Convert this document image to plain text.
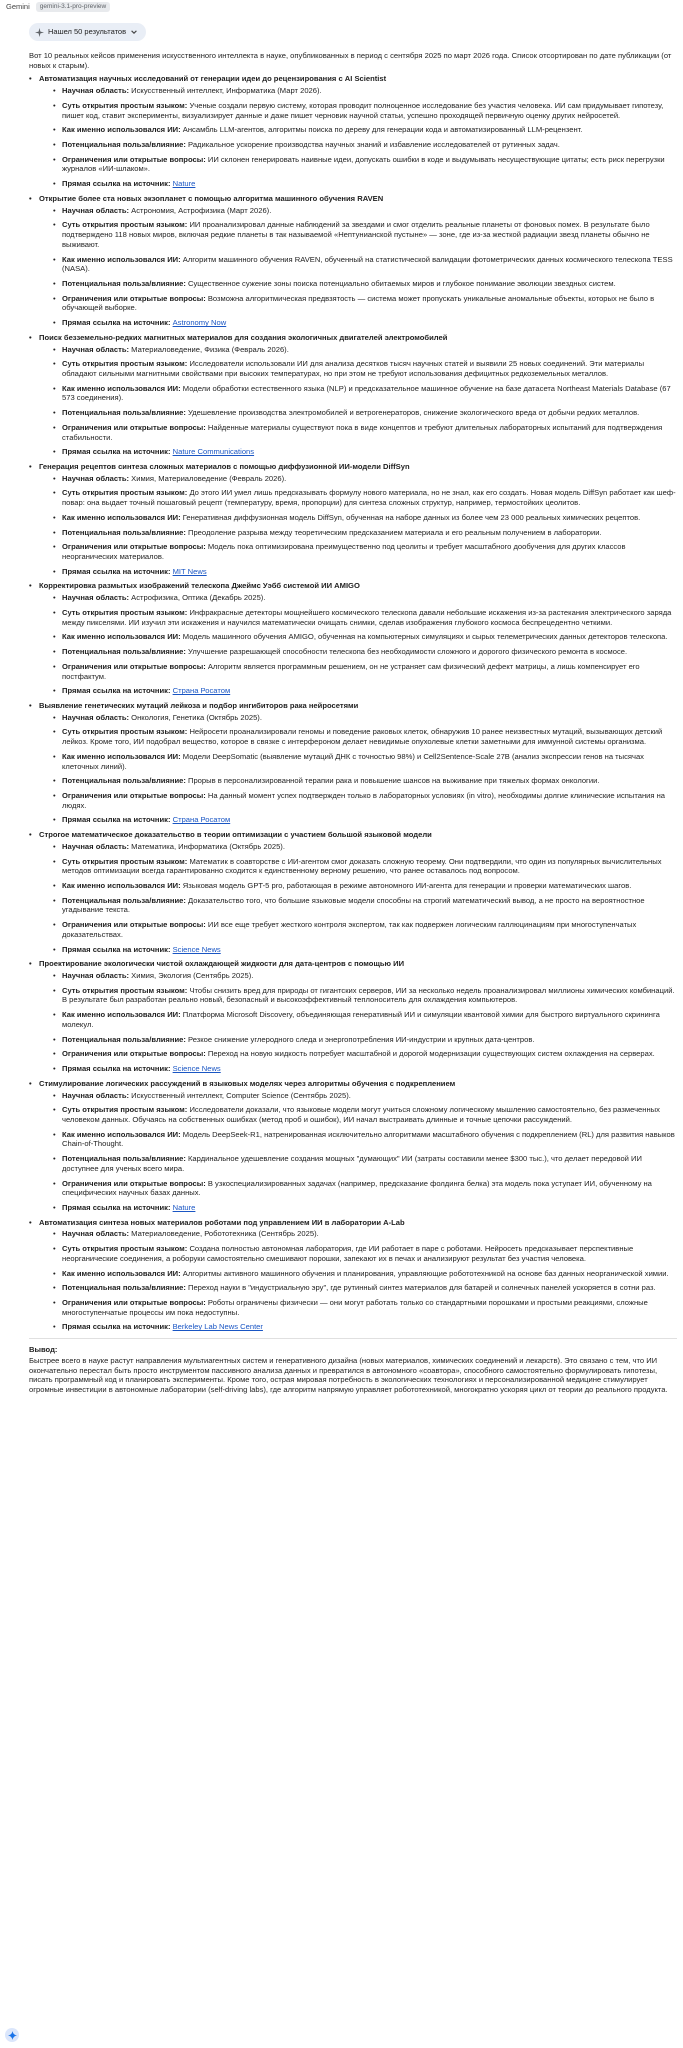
Gemini	gemini-3.1-pro-preview
Нашел 50 результатов

Вот 10 реальных кейсов применения искусственного интеллекта в науке, опубликованных в период с сентября 2025 по март 2026 года. Список отсортирован по дате публикации (от новых к старым).

• Автоматизация научных исследований от генерации идеи до рецензирования с AI Scientist
• Научная область: Искусственный интеллект, Информатика (Март 2026).
• Суть открытия простым языком: Ученые создали первую систему, которая проводит полноценное исследование без участия человека. ИИ сам придумывает гипотезу, пишет код, ставит эксперименты, визуализирует данные и даже пишет черновик научной статьи, успешно проходящей первичную оценку других нейросетей.
• Как именно использовался ИИ: Ансамбль LLM-агентов, алгоритмы поиска по дереву для генерации кода и автоматизированный LLM-рецензент.
• Потенциальная польза/влияние: Радикальное ускорение производства научных знаний и избавление исследователей от рутинных задач.
• Ограничения или открытые вопросы: ИИ склонен генерировать наивные идеи, допускать ошибки в коде и выдумывать несуществующие цитаты; есть риск перегрузки журналов «ИИ-шлаком».
• Прямая ссылка на источник: Nature
• Открытие более ста новых экзопланет с помощью алгоритма машинного обучения RAVEN
• Научная область: Астрономия, Астрофизика (Март 2026).
• Суть открытия простым языком: ИИ проанализировал данные наблюдений за звездами и смог отделить реальные планеты от фоновых помех. В результате было подтверждено 118 новых миров, включая редкие планеты в так называемой «Нептунианской пустыне» — зоне, где из-за жесткой радиации звезд планеты обычно не выживают.
• Как именно использовался ИИ: Алгоритм машинного обучения RAVEN, обученный на статистической валидации фотометрических данных космического телескопа TESS (NASA).
• Потенциальная польза/влияние: Существенное сужение зоны поиска потенциально обитаемых миров и глубокое понимание эволюции звездных систем.
• Ограничения или открытые вопросы: Возможна алгоритмическая предвзятость — система может пропускать уникальные аномальные объекты, которых не было в обучающей выборке.
• Прямая ссылка на источник: Astronomy Now
• Поиск безземельно-редких магнитных материалов для создания экологичных двигателей электромобилей
• Научная область: Материаловедение, Физика (Февраль 2026).
• Суть открытия простым языком: Исследователи использовали ИИ для анализа десятков тысяч научных статей и выявили 25 новых соединений. Эти материалы обладают сильными магнитными свойствами при высоких температурах, но при этом не требуют использования дефицитных редкоземельных металлов.
• Как именно использовался ИИ: Модели обработки естественного языка (NLP) и предсказательное машинное обучение на базе датасета Northeast Materials Database (67 573 соединения).
• Потенциальная польза/влияние: Удешевление производства электромобилей и ветрогенераторов, снижение экологического вреда от добычи редких металлов.
• Ограничения или открытые вопросы: Найденные материалы существуют пока в виде концептов и требуют длительных лабораторных испытаний для подтверждения стабильности.
• Прямая ссылка на источник: Nature Communications
• Генерация рецептов синтеза сложных материалов с помощью диффузионной ИИ-модели DiffSyn
• Научная область: Химия, Материаловедение (Февраль 2026).
• Суть открытия простым языком: До этого ИИ умел лишь предсказывать формулу нового материала, но не знал, как его создать. Новая модель DiffSyn работает как шеф-повар: она выдает точный пошаговый рецепт (температуру, время, пропорции) для синтеза сложных структур, например, термостойких цеолитов.
• Как именно использовался ИИ: Генеративная диффузионная модель DiffSyn, обученная на наборе данных из более чем 23 000 реальных химических рецептов.
• Потенциальная польза/влияние: Преодоление разрыва между теоретическим предсказанием материала и его реальным получением в лаборатории.
• Ограничения или открытые вопросы: Модель пока оптимизирована преимущественно под цеолиты и требует масштабного дообучения для других классов неорганических материалов.
• Прямая ссылка на источник: MIT News
• Корректировка размытых изображений телескопа Джеймс Уэбб системой ИИ AMIGO
• Научная область: Астрофизика, Оптика (Декабрь 2025).
• Суть открытия простым языком: Инфракрасные детекторы мощнейшего космического телескопа давали небольшие искажения из-за растекания электрического заряда между пикселями. ИИ изучил эти искажения и научился математически очищать снимки, сделав изображения глубокого космоса беспрецедентно четкими.
• Как именно использовался ИИ: Модель машинного обучения AMIGO, обученная на компьютерных симуляциях и сырых телеметрических данных детекторов телескопа.
• Потенциальная польза/влияние: Улучшение разрешающей способности телескопа без необходимости сложного и дорогого физического ремонта в космосе.
• Ограничения или открытые вопросы: Алгоритм является программным решением, он не устраняет сам физический дефект матрицы, а лишь компенсирует его постфактум.
• Прямая ссылка на источник: Страна Росатом
• Выявление генетических мутаций лейкоза и подбор ингибиторов рака нейросетями
• Научная область: Онкология, Генетика (Октябрь 2025).
• Суть открытия простым языком: Нейросети проанализировали геномы и поведение раковых клеток, обнаружив 10 ранее неизвестных мутаций, вызывающих детский лейкоз. Кроме того, ИИ подобрал вещество, которое в связке с интерфероном делает невидимые опухолевые клетки заметными для иммунной системы организма.
• Как именно использовался ИИ: Модели DeepSomatic (выявление мутаций ДНК с точностью 98%) и Cell2Sentence-Scale 27B (анализ экспрессии генов на тысячах клеточных линий).
• Потенциальная польза/влияние: Прорыв в персонализированной терапии рака и повышение шансов на выживание при тяжелых формах онкологии.
• Ограничения или открытые вопросы: На данный момент успех подтвержден только в лабораторных условиях (in vitro), необходимы долгие клинические испытания на людях.
• Прямая ссылка на источник: Страна Росатом
• Строгое математическое доказательство в теории оптимизации с участием большой языковой модели
• Научная область: Математика, Информатика (Октябрь 2025).
• Суть открытия простым языком: Математик в соавторстве с ИИ-агентом смог доказать сложную теорему. Они подтвердили, что один из популярных вычислительных методов оптимизации всегда гарантированно сходится к единственному верному решению, что ранее оставалось под вопросом.
• Как именно использовался ИИ: Языковая модель GPT-5 pro, работающая в режиме автономного ИИ-агента для генерации и проверки математических шагов.
• Потенциальная польза/влияние: Доказательство того, что большие языковые модели способны на строгий математический вывод, а не просто на вероятностное угадывание текста.
• Ограничения или открытые вопросы: ИИ все еще требует жесткого контроля экспертом, так как подвержен логическим галлюцинациям при многоступенчатых доказательствах.
• Прямая ссылка на источник: Science News
• Проектирование экологически чистой охлаждающей жидкости для дата-центров с помощью ИИ
• Научная область: Химия, Экология (Сентябрь 2025).
• Суть открытия простым языком: Чтобы снизить вред для природы от гигантских серверов, ИИ за несколько недель проанализировал миллионы химических комбинаций. В результате был разработан реально новый, безопасный и высокоэффективный теплоноситель для охлаждения компьютеров.
• Как именно использовался ИИ: Платформа Microsoft Discovery, объединяющая генеративный ИИ и симуляции квантовой химии для быстрого виртуального скрининга молекул.
• Потенциальная польза/влияние: Резкое снижение углеродного следа и энергопотребления ИИ-индустрии и крупных дата-центров.
• Ограничения или открытые вопросы: Переход на новую жидкость потребует масштабной и дорогой модернизации существующих систем охлаждения на серверах.
• Прямая ссылка на источник: Science News
• Стимулирование логических рассуждений в языковых моделях через алгоритмы обучения с подкреплением
• Научная область: Искусственный интеллект, Computer Science (Сентябрь 2025).
• Суть открытия простым языком: Исследователи доказали, что языковые модели могут учиться сложному логическому мышлению самостоятельно, без размеченных человеком данных. Обучаясь на собственных ошибках (метод проб и ошибок), ИИ начал выстраивать длинные и точные цепочки рассуждений.
• Как именно использовался ИИ: Модель DeepSeek-R1, натренированная исключительно алгоритмами масштабного обучения с подкреплением (RL) для развития навыков Chain-of-Thought.
• Потенциальная польза/влияние: Кардинальное удешевление создания мощных "думающих" ИИ (затраты составили менее $300 тыс.), что делает передовой ИИ доступнее для ученых всего мира.
• Ограничения или открытые вопросы: В узкоспециализированных задачах (например, предсказание фолдинга белка) эта модель пока уступает ИИ, обученному на специфических научных базах данных.
• Прямая ссылка на источник: Nature
• Автоматизация синтеза новых материалов роботами под управлением ИИ в лаборатории A-Lab
• Научная область: Материаловедение, Робототехника (Сентябрь 2025).
• Суть открытия простым языком: Создана полностью автономная лаборатория, где ИИ работает в паре с роботами. Нейросеть предсказывает перспективные неорганические соединения, а роборуки самостоятельно смешивают порошки, запекают их в печах и анализируют результат без участия человека.
• Как именно использовался ИИ: Алгоритмы активного машинного обучения и планирования, управляющие робототехникой на основе баз данных неорганической химии.
• Потенциальная польза/влияние: Переход науки в "индустриальную эру", где рутинный синтез материалов для батарей и солнечных панелей ускоряется в сотни раз.
• Ограничения или открытые вопросы: Роботы ограничены физически — они могут работать только со стандартными порошками и простыми реакциями, сложные многоступенчатые процессы им пока недоступны.
• Прямая ссылка на источник: Berkeley Lab News Center
Вывод:
Быстрее всего в науке растут направления мультиагентных систем и генеративного дизайна (новых материалов, химических соединений и лекарств). Это связано с тем, что ИИ окончательно перестал быть просто инструментом пассивного анализа данных и превратился в автономного «соавтора», способного самостоятельно формулировать гипотезы, писать программный код и планировать эксперименты. Кроме того, острая мировая потребность в экологических технологиях и персонализированной медицине стимулирует огромные инвестиции в автономные лаборатории (self-driving labs), где алгоритм напрямую управляет робототехникой, многократно ускоряя цикл от теории до реального продукта.
